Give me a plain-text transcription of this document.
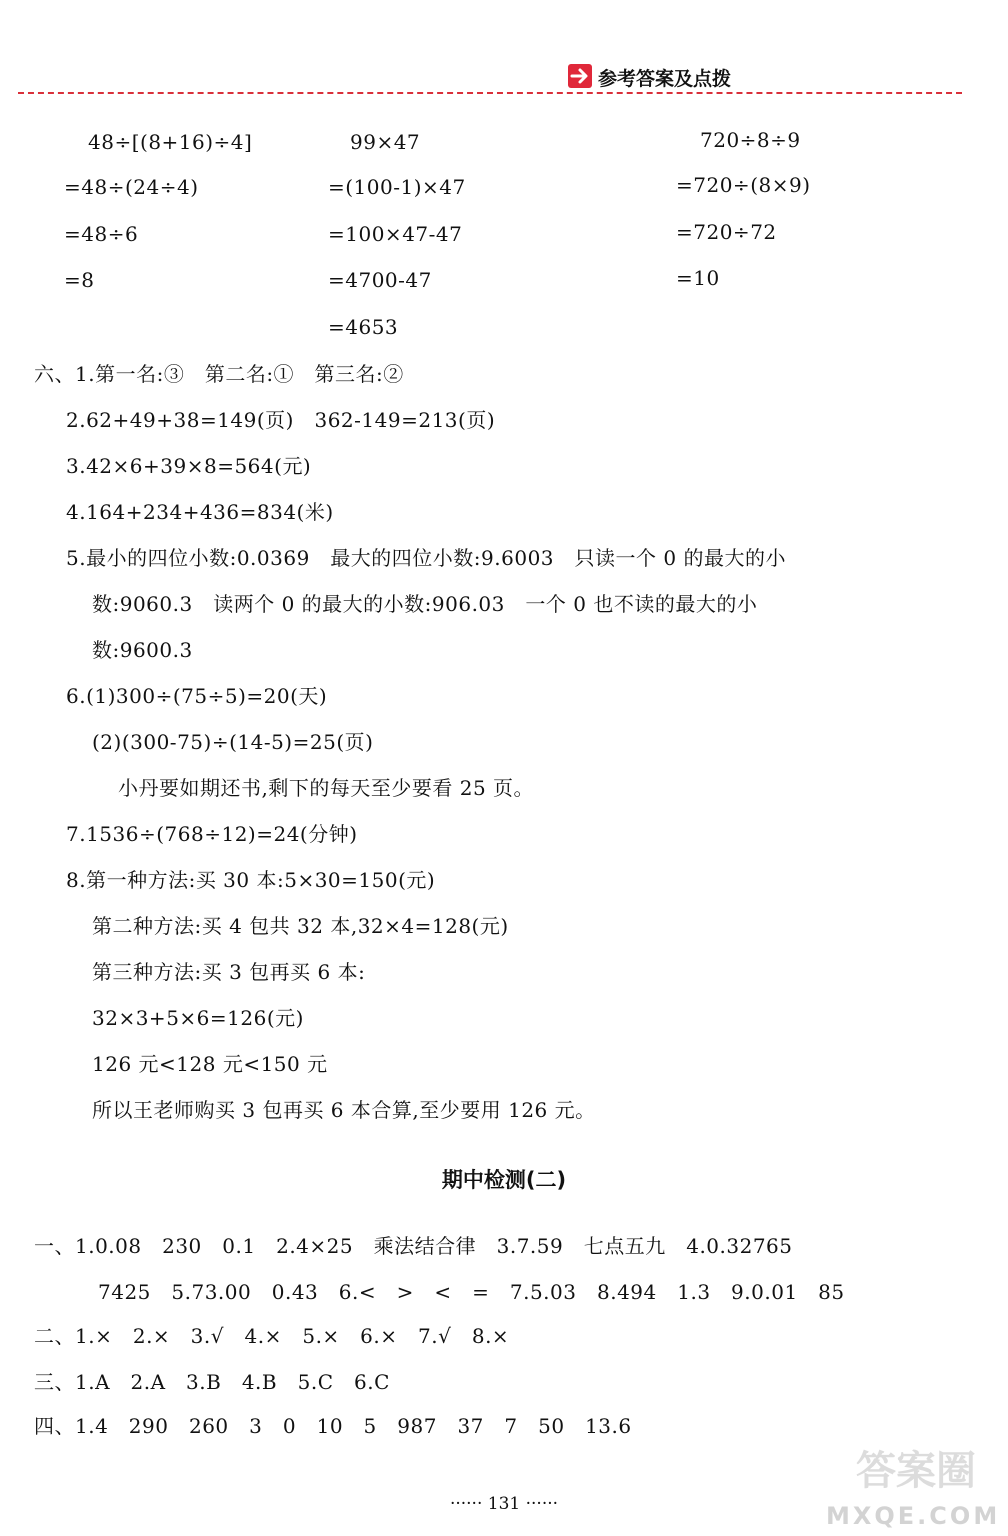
参考答案及点拨
48÷[(8+16)÷4]
=48÷(24÷4)
=48÷6
=8
99×47
=(100-1)×47
=100×47-47
=4700-47
=4653
720÷8÷9
=720÷(8×9)
=720÷72
=10
六、1.第一名:③　第二名:①　第三名:②
2.62+49+38=149(页)　362-149=213(页)
3.42×6+39×8=564(元)
4.164+234+436=834(米)
5.最小的四位小数:0.0369　最大的四位小数:9.6003　只读一个 0 的最大的小
数:9060.3　读两个 0 的最大的小数:906.03　一个 0 也不读的最大的小
数:9600.3
6.(1)300÷(75÷5)=20(天)
(2)(300-75)÷(14-5)=25(页)
小丹要如期还书,剩下的每天至少要看 25 页。
7.1536÷(768÷12)=24(分钟)
8.第一种方法:买 30 本:5×30=150(元)
第二种方法:买 4 包共 32 本,32×4=128(元)
第三种方法:买 3 包再买 6 本:
32×3+5×6=126(元)
126 元<128 元<150 元
所以王老师购买 3 包再买 6 本合算,至少要用 126 元。
期中检测(二)
一、1.0.08　230　0.1　2.4×25　乘法结合律　3.7.59　七点五九　4.0.32765
7425　5.73.00　0.43　6.<　>　<　=　7.5.03　8.494　1.3　9.0.01　85
二、1.×　2.×　3.√　4.×　5.×　6.×　7.√　8.×
三、1.A　2.A　3.B　4.B　5.C　6.C
四、1.4　290　260　3　0　10　5　987　37　7　50　13.6
······ 131 ······
答案圈
MXQE.COM
